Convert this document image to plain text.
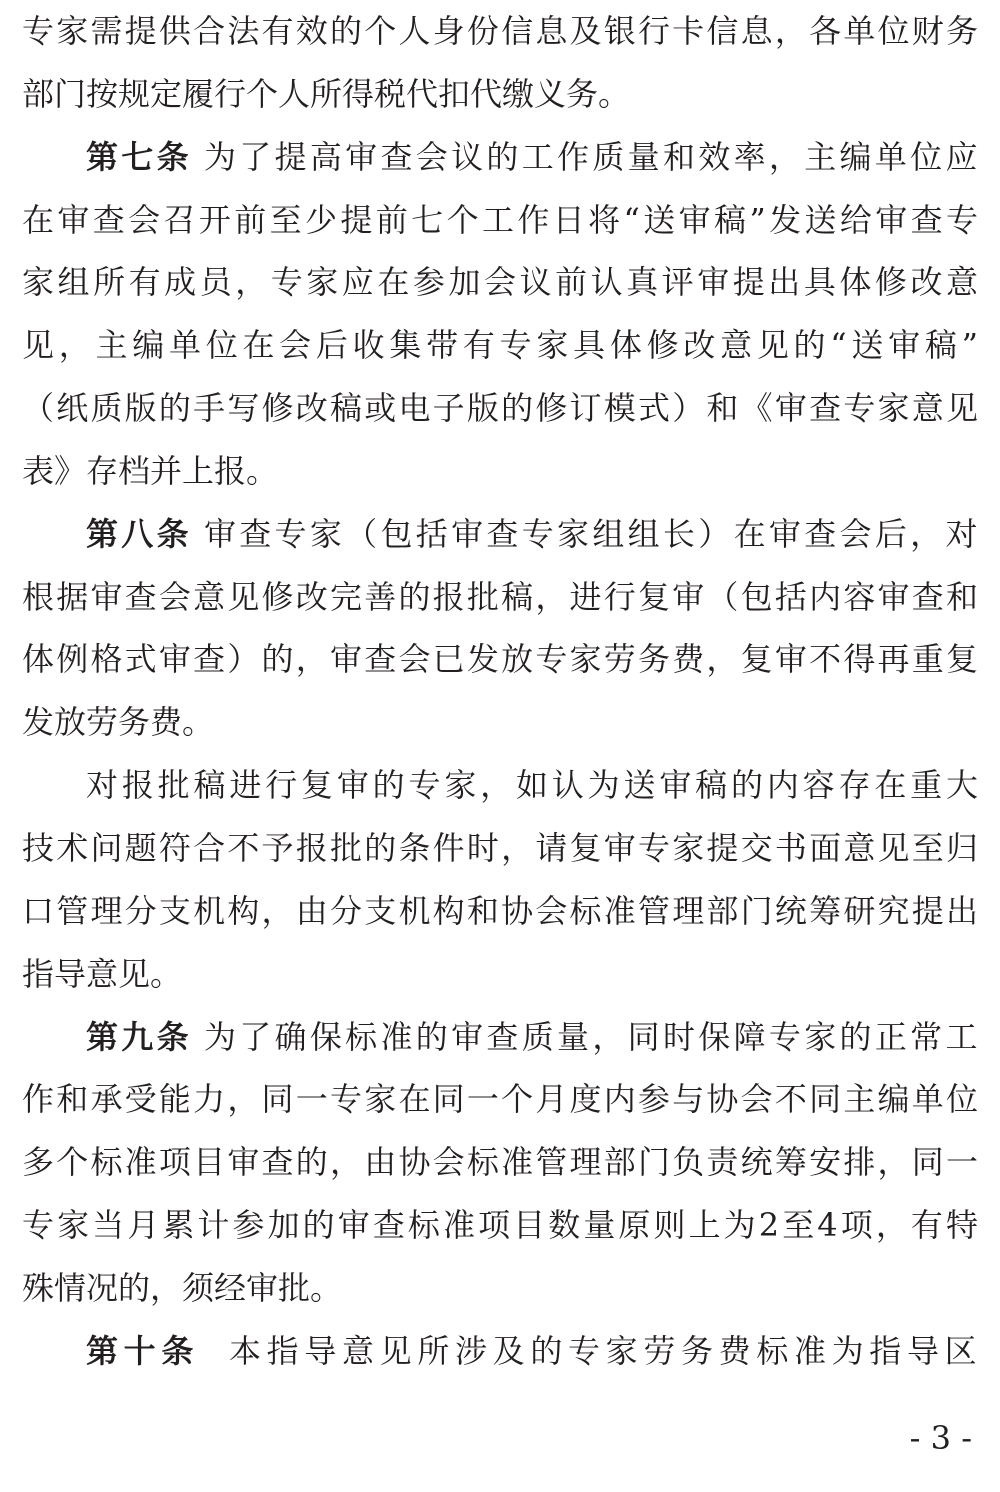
专家需提供合法有效的个人身份信息及银行卡信息，各单位财务
部门按规定履行个人所得税代扣代缴义务。
第七条 为了提高审查会议的工作质量和效率，主编单位应
在审查会召开前至少提前七个工作日将“送审稿”发送给审查专
家组所有成员，专家应在参加会议前认真评审提出具体修改意
见，主编单位在会后收集带有专家具体修改意见的“送审稿”
（纸质版的手写修改稿或电子版的修订模式）和《审查专家意见
表》存档并上报。
第八条 审查专家（包括审查专家组组长）在审查会后，对
根据审查会意见修改完善的报批稿，进行复审（包括内容审查和
体例格式审查）的，审查会已发放专家劳务费，复审不得再重复
发放劳务费。
对报批稿进行复审的专家，如认为送审稿的内容存在重大
技术问题符合不予报批的条件时，请复审专家提交书面意见至归
口管理分支机构，由分支机构和协会标准管理部门统筹研究提出
指导意见。
第九条 为了确保标准的审查质量，同时保障专家的正常工
作和承受能力，同一专家在同一个月度内参与协会不同主编单位
多个标准项目审查的，由协会标准管理部门负责统筹安排，同一
专家当月累计参加的审查标准项目数量原则上为2至4项，有特
殊情况的，须经审批。
第十条 本指导意见所涉及的专家劳务费标准为指导区
- 3 -
